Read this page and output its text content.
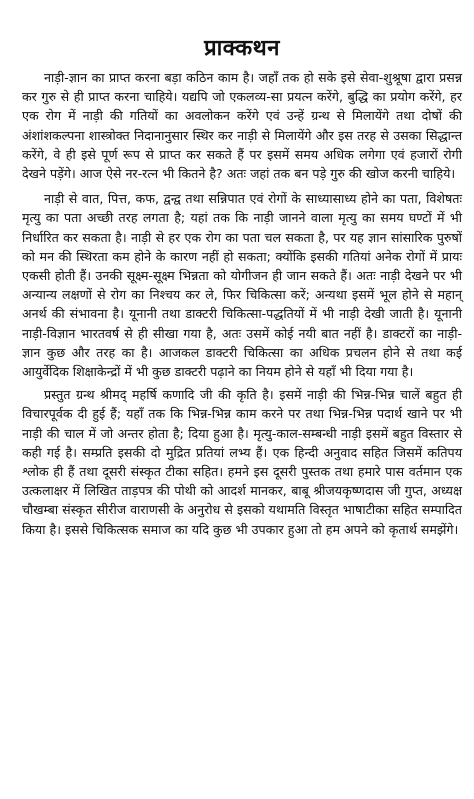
प्राक्कथन

नाड़ी-ज्ञान का प्राप्त करना बड़ा कठिन काम है। जहाँ तक हो सके इसे सेवा-शुश्रूषा द्वारा प्रसन्न कर गुरु से ही प्राप्त करना चाहिये। यद्यपि जो एकलव्य-सा प्रयत्न करेंगे, बुद्धि का प्रयोग करेंगे, हर एक रोग में नाड़ी की गतियों का अवलोकन करेंगे एवं उन्हें ग्रन्थ से मिलायेंगे तथा दोषों की अंशांशकल्पना शास्त्रोक्त निदानानुसार स्थिर कर नाड़ी से मिलायेंगे और इस तरह से उसका सिद्धान्त करेंगे, वे ही इसे पूर्ण रूप से प्राप्त कर सकते हैं पर इसमें समय अधिक लगेगा एवं हजारों रोगी देखने पड़ेंगे। आज ऐसे नर-रत्न भी कितने है? अतः जहां तक बन पड़े गुरु की खोज करनी चाहिये।

नाड़ी से वात, पित्त, कफ, द्वन्द्व तथा सन्निपात एवं रोगों के साध्यासाध्य होने का पता, विशेषतः मृत्यु का पता अच्छी तरह लगता है; यहां तक कि नाड़ी जानने वाला मृत्यु का समय घण्टों में भी निर्धारित कर सकता है। नाड़ी से हर एक रोग का पता चल सकता है, पर यह ज्ञान सांसारिक पुरुषों को मन की स्थिरता कम होने के कारण नहीं हो सकता; क्योंकि इसकी गतियां अनेक रोगों में प्रायः एकसी होती हैं। उनकी सूक्ष्म-सूक्ष्म भिन्नता को योगीजन ही जान सकते हैं। अतः नाड़ी देखने पर भी अन्यान्य लक्षणों से रोग का निश्चय कर ले, फिर चिकित्सा करें; अन्यथा इसमें भूल होने से महान् अनर्थ की संभावना है। यूनानी तथा डाक्टरी चिकित्सा-पद्धतियों में भी नाड़ी देखी जाती है। यूनानी नाड़ी-विज्ञान भारतवर्ष से ही सीखा गया है, अतः उसमें कोई नयी बात नहीं है। डाक्टरों का नाड़ी-ज्ञान कुछ और तरह का है। आजकल डाक्टरी चिकित्सा का अधिक प्रचलन होने से तथा कई आयुर्वेदिक शिक्षाकेन्द्रों में भी कुछ डाक्टरी पढ़ाने का नियम होने से यहाँ भी दिया गया है।

प्रस्तुत ग्रन्थ श्रीमद् महर्षि कणादि जी की कृति है। इसमें नाड़ी की भिन्न-भिन्न चालें बहुत ही विचारपूर्वक दी हुई हैं; यहाँ तक कि भिन्न-भिन्न काम करने पर तथा भिन्न-भिन्न पदार्थ खाने पर भी नाड़ी की चाल में जो अन्तर होता है; दिया हुआ है। मृत्यु-काल-सम्बन्धी नाड़ी इसमें बहुत विस्तार से कही गई है। सम्प्रति इसकी दो मुद्रित प्रतियां लभ्य हैं। एक हिन्दी अनुवाद सहित जिसमें कतिपय श्लोक ही हैं तथा दूसरी संस्कृत टीका सहित। हमने इस दूसरी पुस्तक तथा हमारे पास वर्तमान एक उत्कलाक्षर में लिखित ताड़पत्र की पोथी को आदर्श मानकर, बाबू श्रीजयकृष्णदास जी गुप्त, अध्यक्ष चौखम्बा संस्कृत सीरीज वाराणसी के अनुरोध से इसको यथामति विस्तृत भाषाटीका सहित सम्पादित किया है। इससे चिकित्सक समाज का यदि कुछ भी उपकार हुआ तो हम अपने को कृतार्थ समझेंगे।
